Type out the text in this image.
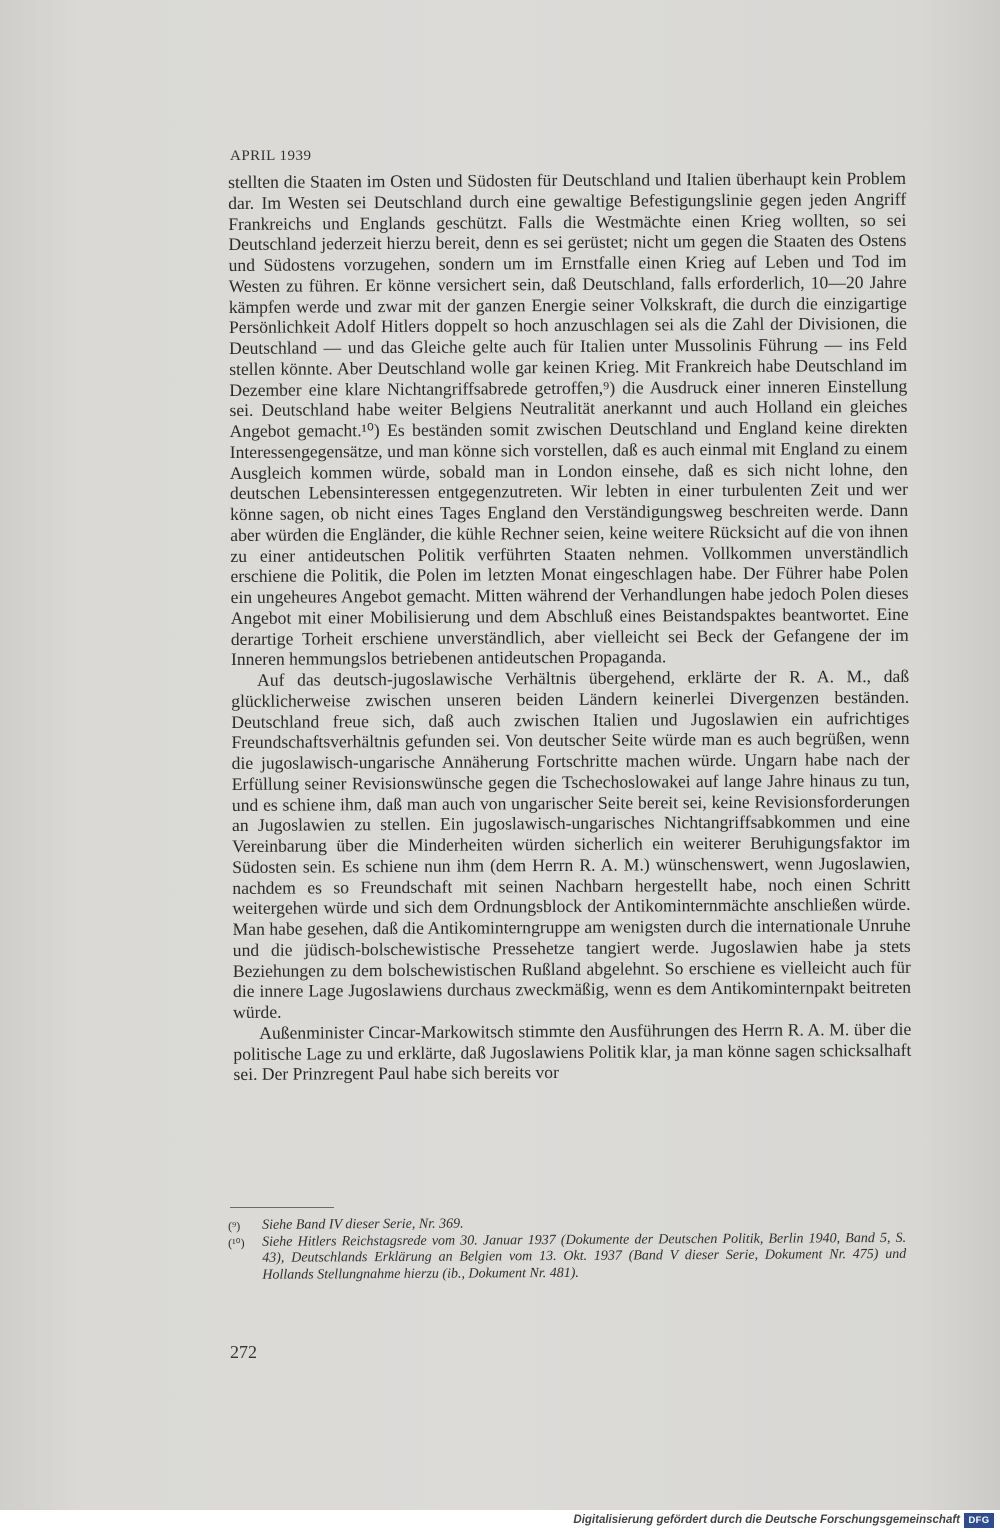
APRIL 1939

stellten die Staaten im Osten und Südosten für Deutschland und Italien überhaupt kein Problem dar. Im Westen sei Deutschland durch eine gewaltige Befestigungslinie gegen jeden Angriff Frankreichs und Englands geschützt. Falls die Westmächte einen Krieg wollten, so sei Deutschland jederzeit hierzu bereit, denn es sei gerüstet; nicht um gegen die Staaten des Ostens und Südostens vorzugehen, sondern um im Ernstfalle einen Krieg auf Leben und Tod im Westen zu führen. Er könne versichert sein, daß Deutschland, falls erforderlich, 10—20 Jahre kämpfen werde und zwar mit der ganzen Energie seiner Volkskraft, die durch die einzigartige Persönlichkeit Adolf Hitlers doppelt so hoch anzuschlagen sei als die Zahl der Divisionen, die Deutschland — und das Gleiche gelte auch für Italien unter Mussolinis Führung — ins Feld stellen könnte. Aber Deutschland wolle gar keinen Krieg. Mit Frankreich habe Deutschland im Dezember eine klare Nichtangriffsabrede getroffen,⁹) die Ausdruck einer inneren Einstellung sei. Deutschland habe weiter Belgiens Neutralität anerkannt und auch Holland ein gleiches Angebot gemacht.¹⁰) Es beständen somit zwischen Deutschland und England keine direkten Interessengegensätze, und man könne sich vorstellen, daß es auch einmal mit England zu einem Ausgleich kommen würde, sobald man in London einsehe, daß es sich nicht lohne, den deutschen Lebensinteressen entgegenzutreten. Wir lebten in einer turbulenten Zeit und wer könne sagen, ob nicht eines Tages England den Verständigungsweg beschreiten werde. Dann aber würden die Engländer, die kühle Rechner seien, keine weitere Rücksicht auf die von ihnen zu einer antideutschen Politik verführten Staaten nehmen. Vollkommen unverständlich erschiene die Politik, die Polen im letzten Monat eingeschlagen habe. Der Führer habe Polen ein ungeheures Angebot gemacht. Mitten während der Verhandlungen habe jedoch Polen dieses Angebot mit einer Mobilisierung und dem Abschluß eines Beistandspaktes beantwortet. Eine derartige Torheit erschiene unverständlich, aber vielleicht sei Beck der Gefangene der im Inneren hemmungslos betriebenen antideutschen Propaganda.

Auf das deutsch-jugoslawische Verhältnis übergehend, erklärte der R. A. M., daß glücklicherweise zwischen unseren beiden Ländern keinerlei Divergenzen beständen. Deutschland freue sich, daß auch zwischen Italien und Jugoslawien ein aufrichtiges Freundschaftsverhältnis gefunden sei. Von deutscher Seite würde man es auch begrüßen, wenn die jugoslawisch-ungarische Annäherung Fortschritte machen würde. Ungarn habe nach der Erfüllung seiner Revisionswünsche gegen die Tschechoslowakei auf lange Jahre hinaus zu tun, und es schiene ihm, daß man auch von ungarischer Seite bereit sei, keine Revisionsforderungen an Jugoslawien zu stellen. Ein jugoslawisch-ungarisches Nichtangriffsabkommen und eine Vereinbarung über die Minderheiten würden sicherlich ein weiterer Beruhigungsfaktor im Südosten sein. Es schiene nun ihm (dem Herrn R. A. M.) wünschenswert, wenn Jugoslawien, nachdem es so Freundschaft mit seinen Nachbarn hergestellt habe, noch einen Schritt weitergehen würde und sich dem Ordnungsblock der Antikominternmächte anschließen würde. Man habe gesehen, daß die Antikominterngruppe am wenigsten durch die internationale Unruhe und die jüdisch-bolschewistische Pressehetze tangiert werde. Jugoslawien habe ja stets Beziehungen zu dem bolschewistischen Rußland abgelehnt. So erschiene es vielleicht auch für die innere Lage Jugoslawiens durchaus zweckmäßig, wenn es dem Antikominternpakt beitreten würde.

Außenminister Cincar-Markowitsch stimmte den Ausführungen des Herrn R. A. M. über die politische Lage zu und erklärte, daß Jugoslawiens Politik klar, ja man könne sagen schicksalhaft sei. Der Prinzregent Paul habe sich bereits vor

(⁹)	Siehe Band IV dieser Serie, Nr. 369.
(¹⁰)	Siehe Hitlers Reichstagsrede vom 30. Januar 1937 (Dokumente der Deutschen Politik, Berlin 1940, Band 5, S. 43), Deutschlands Erklärung an Belgien vom 13. Okt. 1937 (Band V dieser Serie, Dokument Nr. 475) und Hollands Stellungnahme hierzu (ib., Dokument Nr. 481).
272
Digitalisierung gefördert durch die Deutsche Forschungsgemeinschaft DFG
